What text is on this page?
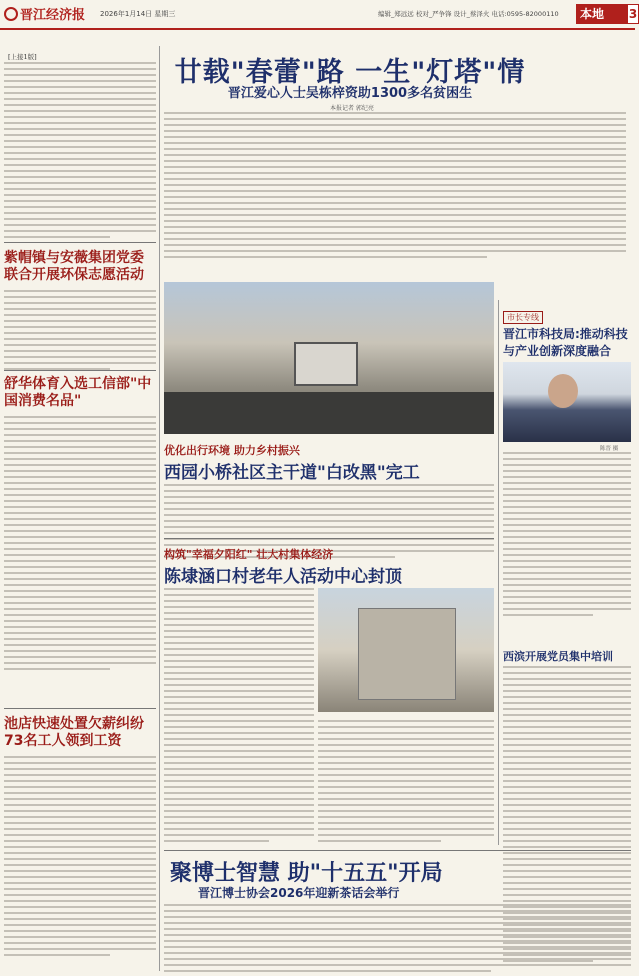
晋江经济报 2026年1月14日 星期三	编辑_郑远远 校对_严争锋 设计_蔡泽火 电话:0595-82000110	本地 3
[上接1版]
紫帽镇与安薇集团党委联合开展环保志愿活动
舒华体育入选工信部"中国消费名品"
池店快速处置欠薪纠纷73名工人领到工资
廿载"春蕾"路 一生"灯塔"情
晋江爱心人士吴栋梓资助1300多名贫困生
本报记者 郭纪亮
市长专线
晋江市科技局:推动科技与产业创新深度融合
陈晋 摄
优化出行环境 助力乡村振兴
西园小桥社区主干道"白改黑"完工
构筑"幸福夕阳红" 壮大村集体经济
陈埭涵口村老年人活动中心封顶
西滨开展党员集中培训
聚博士智慧 助"十五五"开局
晋江博士协会2026年迎新茶话会举行
